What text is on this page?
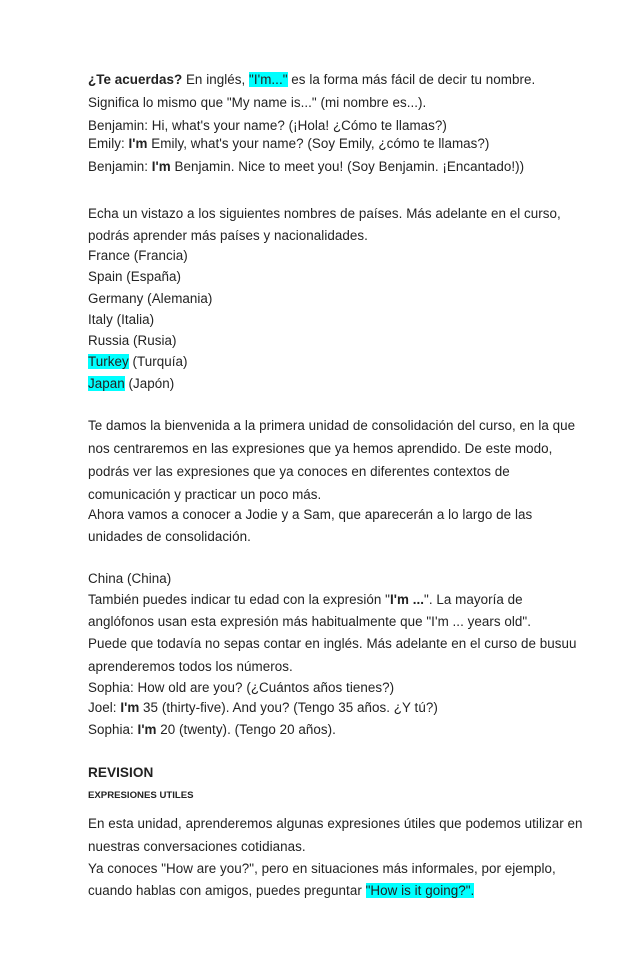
¿Te acuerdas? En inglés, "I'm..." es la forma más fácil de decir tu nombre.
Significa lo mismo que "My name is..." (mi nombre es...).
Benjamin: Hi, what's your name? (¡Hola! ¿Cómo te llamas?)
Emily: I'm Emily, what's your name? (Soy Emily, ¿cómo te llamas?)
Benjamin: I'm Benjamin. Nice to meet you! (Soy Benjamin. ¡Encantado!))
Echa un vistazo a los siguientes nombres de países. Más adelante en el curso,
podrás aprender más países y nacionalidades.
France (Francia)
Spain (España)
Germany (Alemania)
Italy (Italia)
Russia (Rusia)
Turkey (Turquía)
Japan (Japón)
Te damos la bienvenida a la primera unidad de consolidación del curso, en la que
nos centraremos en las expresiones que ya hemos aprendido. De este modo,
podrás ver las expresiones que ya conoces en diferentes contextos de
comunicación y practicar un poco más.
Ahora vamos a conocer a Jodie y a Sam, que aparecerán a lo largo de las
unidades de consolidación.
China (China)
También puedes indicar tu edad con la expresión "I'm ...". La mayoría de
anglófonos usan esta expresión más habitualmente que "I'm ... years old".
Puede que todavía no sepas contar en inglés. Más adelante en el curso de busuu
aprenderemos todos los números.
Sophia: How old are you? (¿Cuántos años tienes?)
Joel: I'm 35 (thirty-five). And you? (Tengo 35 años. ¿Y tú?)
Sophia: I'm 20 (twenty). (Tengo 20 años).
REVISION
EXPRESIONES UTILES
En esta unidad, aprenderemos algunas expresiones útiles que podemos utilizar en
nuestras conversaciones cotidianas.
Ya conoces "How are you?", pero en situaciones más informales, por ejemplo,
cuando hablas con amigos, puedes preguntar "How is it going?".
